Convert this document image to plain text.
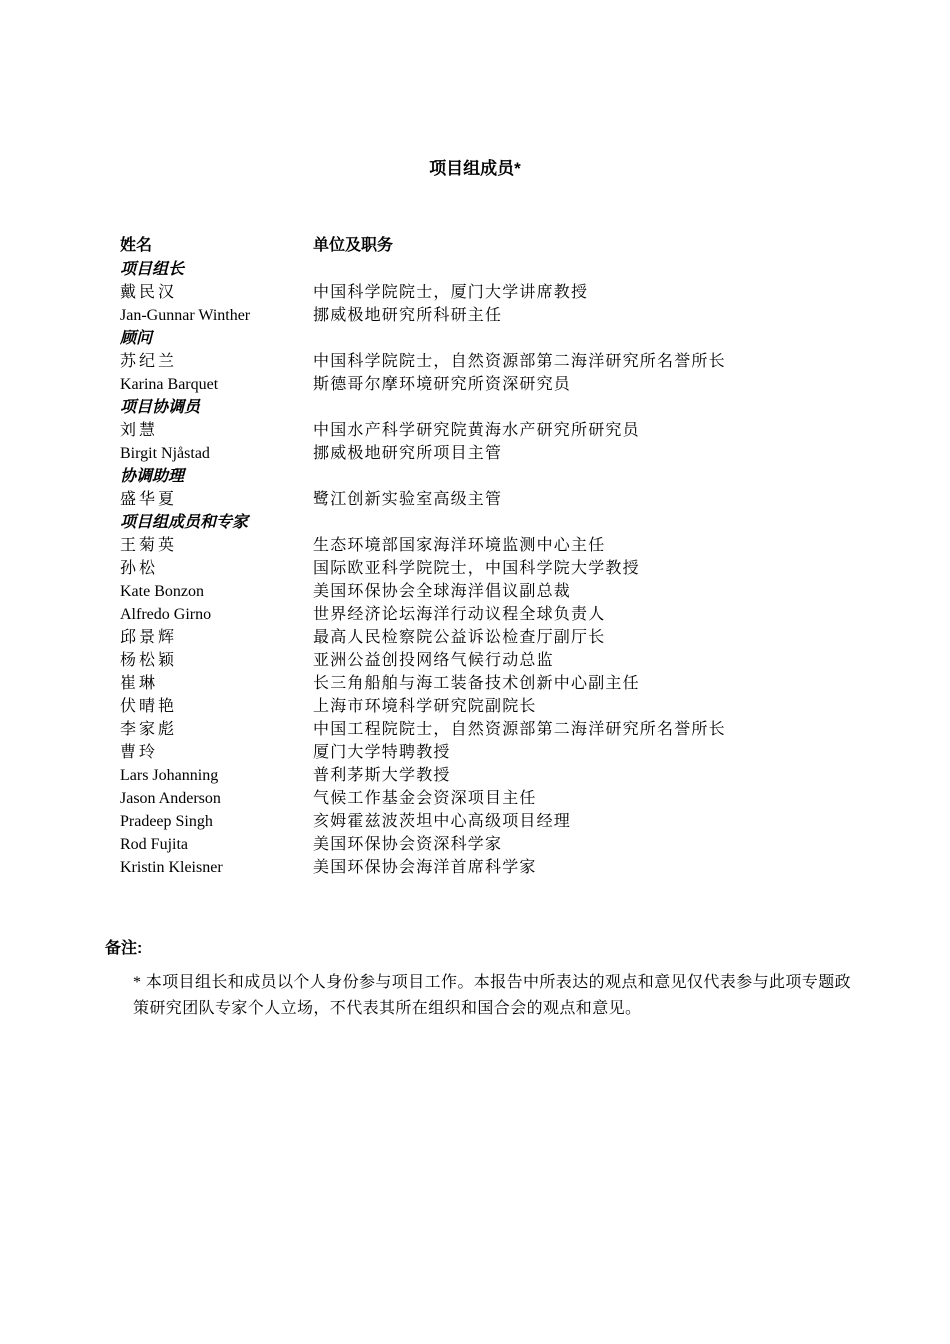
项目组成员*
姓名	单位及职务
项目组长
戴民汉	中国科学院院士，厦门大学讲席教授
Jan-Gunnar Winther	挪威极地研究所科研主任
顾问
苏纪兰	中国科学院院士，自然资源部第二海洋研究所名誉所长
Karina Barquet	斯德哥尔摩环境研究所资深研究员
项目协调员
刘慧	中国水产科学研究院黄海水产研究所研究员
Birgit Njåstad	挪威极地研究所项目主管
协调助理
盛华夏	鹭江创新实验室高级主管
项目组成员和专家
王菊英	生态环境部国家海洋环境监测中心主任
孙松	国际欧亚科学院院士，中国科学院大学教授
Kate Bonzon	美国环保协会全球海洋倡议副总裁
Alfredo Girno	世界经济论坛海洋行动议程全球负责人
邱景辉	最高人民检察院公益诉讼检查厅副厅长
杨松颖	亚洲公益创投网络气候行动总监
崔琳	长三角船舶与海工装备技术创新中心副主任
伏晴艳	上海市环境科学研究院副院长
李家彪	中国工程院院士，自然资源部第二海洋研究所名誉所长
曹玲	厦门大学特聘教授
Lars Johanning	普利茅斯大学教授
Jason Anderson	气候工作基金会资深项目主任
Pradeep Singh	亥姆霍兹波茨坦中心高级项目经理
Rod Fujita	美国环保协会资深科学家
Kristin Kleisner	美国环保协会海洋首席科学家
备注:
* 本项目组长和成员以个人身份参与项目工作。本报告中所表达的观点和意见仅代表参与此项专题政策研究团队专家个人立场，不代表其所在组织和国合会的观点和意见。
